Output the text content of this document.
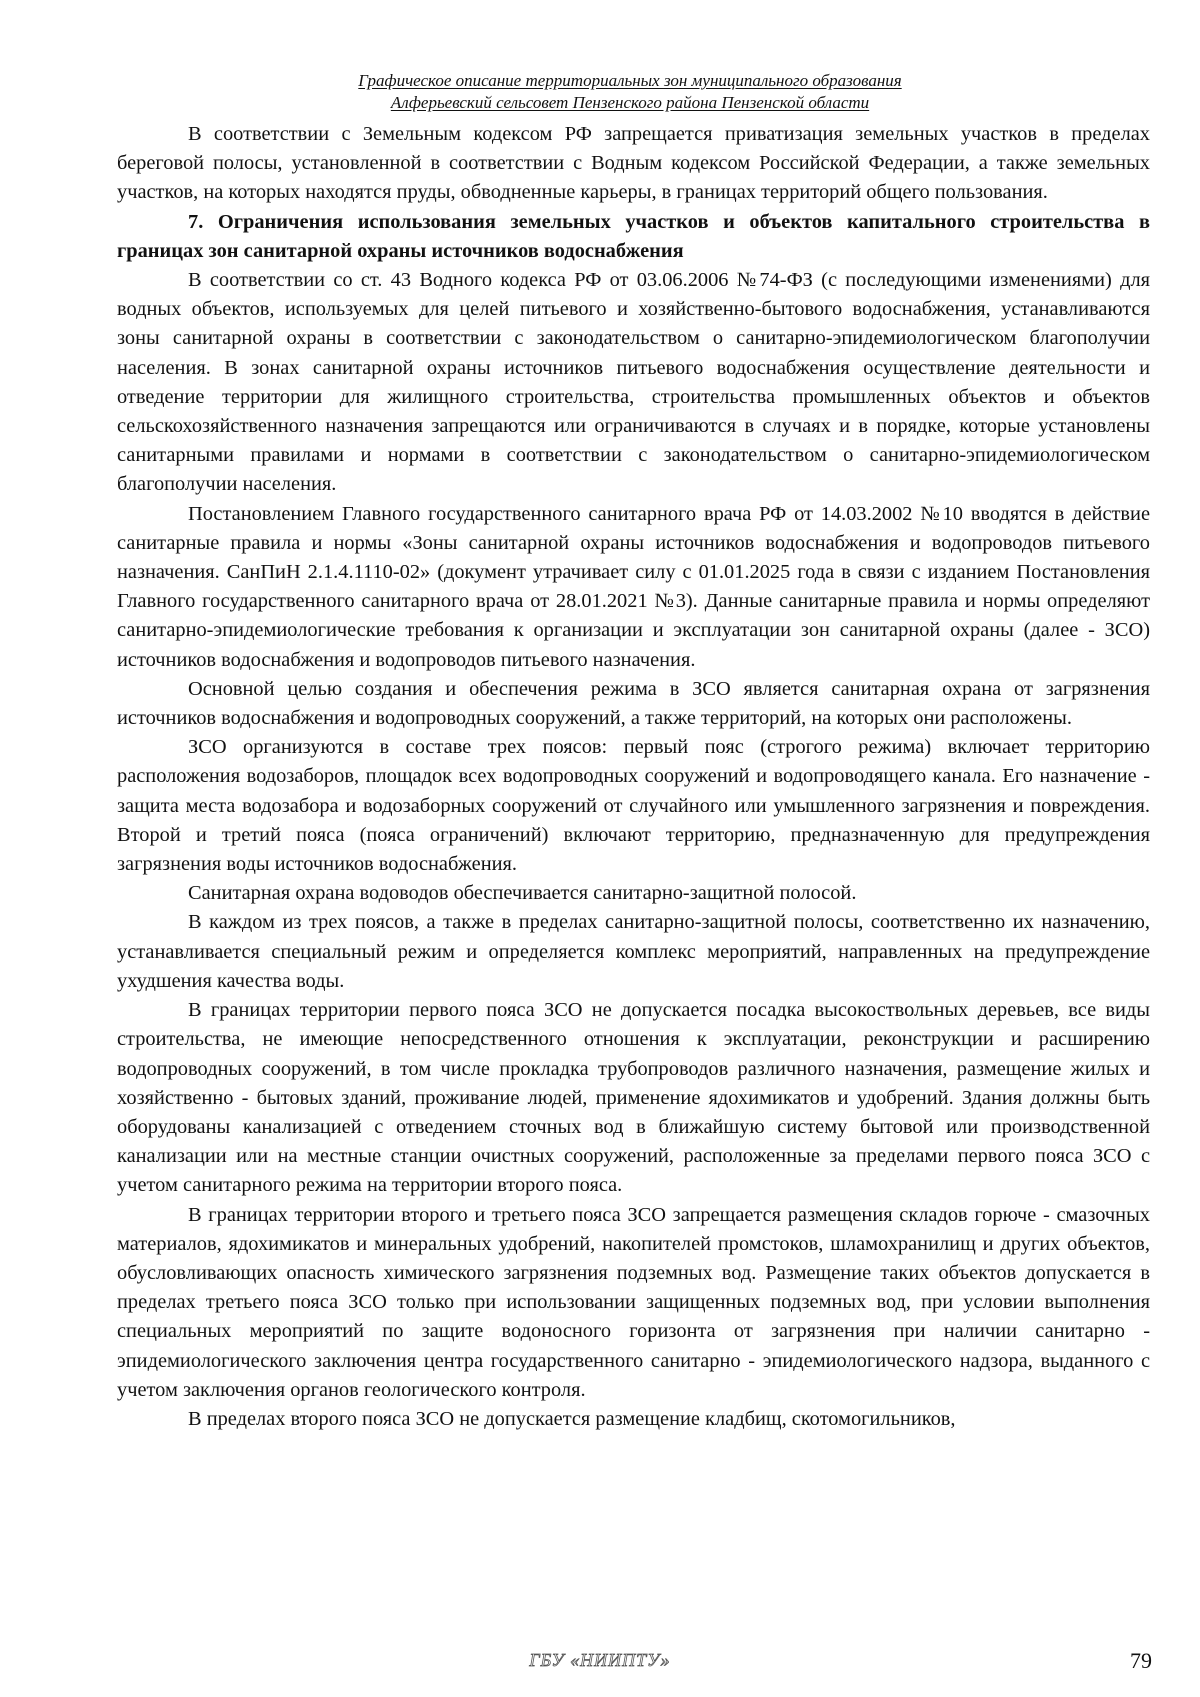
Графическое описание территориальных зон муниципального образования
Алферьевский сельсовет Пензенского района Пензенской области

В соответствии с Земельным кодексом РФ запрещается приватизация земельных участков в пределах береговой полосы, установленной в соответствии с Водным кодексом Российской Федерации, а также земельных участков, на которых находятся пруды, обводненные карьеры, в границах территорий общего пользования.

7. Ограничения использования земельных участков и объектов капитального строительства в границах зон санитарной охраны источников водоснабжения

В соответствии со ст. 43 Водного кодекса РФ от 03.06.2006 №74-ФЗ (с последующими изменениями) для водных объектов, используемых для целей питьевого и хозяйственно-бытового водоснабжения, устанавливаются зоны санитарной охраны в соответствии с законодательством о санитарно-эпидемиологическом благополучии населения. В зонах санитарной охраны источников питьевого водоснабжения осуществление деятельности и отведение территории для жилищного строительства, строительства промышленных объектов и объектов сельскохозяйственного назначения запрещаются или ограничиваются в случаях и в порядке, которые установлены санитарными правилами и нормами в соответствии с законодательством о санитарно-эпидемиологическом благополучии населения.

Постановлением Главного государственного санитарного врача РФ от 14.03.2002 №10 вводятся в действие санитарные правила и нормы «Зоны санитарной охраны источников водоснабжения и водопроводов питьевого назначения. СанПиН 2.1.4.1110-02» (документ утрачивает силу с 01.01.2025 года в связи с изданием Постановления Главного государственного санитарного врача от 28.01.2021 №3). Данные санитарные правила и нормы определяют санитарно-эпидемиологические требования к организации и эксплуатации зон санитарной охраны (далее - ЗСО) источников водоснабжения и водопроводов питьевого назначения.

Основной целью создания и обеспечения режима в ЗСО является санитарная охрана от загрязнения источников водоснабжения и водопроводных сооружений, а также территорий, на которых они расположены.

ЗСО организуются в составе трех поясов: первый пояс (строгого режима) включает территорию расположения водозаборов, площадок всех водопроводных сооружений и водопроводящего канала. Его назначение - защита места водозабора и водозаборных сооружений от случайного или умышленного загрязнения и повреждения. Второй и третий пояса (пояса ограничений) включают территорию, предназначенную для предупреждения загрязнения воды источников водоснабжения.

Санитарная охрана водоводов обеспечивается санитарно-защитной полосой.

В каждом из трех поясов, а также в пределах санитарно-защитной полосы, соответственно их назначению, устанавливается специальный режим и определяется комплекс мероприятий, направленных на предупреждение ухудшения качества воды.

В границах территории первого пояса ЗСО не допускается посадка высокоствольных деревьев, все виды строительства, не имеющие непосредственного отношения к эксплуатации, реконструкции и расширению водопроводных сооружений, в том числе прокладка трубопроводов различного назначения, размещение жилых и хозяйственно - бытовых зданий, проживание людей, применение ядохимикатов и удобрений. Здания должны быть оборудованы канализацией с отведением сточных вод в ближайшую систему бытовой или производственной канализации или на местные станции очистных сооружений, расположенные за пределами первого пояса ЗСО с учетом санитарного режима на территории второго пояса.

В границах территории второго и третьего пояса ЗСО запрещается размещения складов горюче - смазочных материалов, ядохимикатов и минеральных удобрений, накопителей промстоков, шламохранилищ и других объектов, обусловливающих опасность химического загрязнения подземных вод. Размещение таких объектов допускается в пределах третьего пояса ЗСО только при использовании защищенных подземных вод, при условии выполнения специальных мероприятий по защите водоносного горизонта от загрязнения при наличии санитарно - эпидемиологического заключения центра государственного санитарно - эпидемиологического надзора, выданного с учетом заключения органов геологического контроля.

В пределах второго пояса ЗСО не допускается размещение кладбищ, скотомогильников,

ГБУ «НИИПТУ»	79
